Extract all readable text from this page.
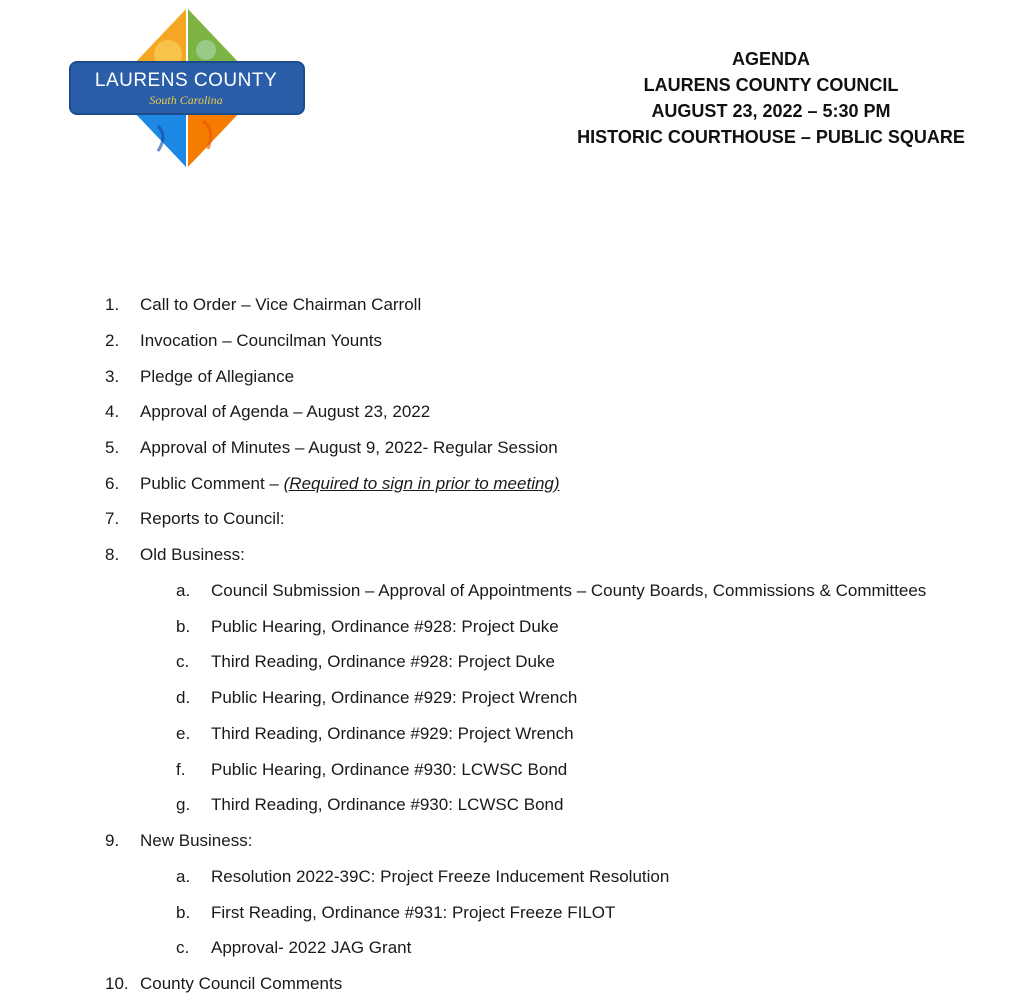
LAURENS COUNTY
South Carolina
AGENDA
LAURENS COUNTY COUNCIL
AUGUST 23, 2022 – 5:30 PM
HISTORIC COURTHOUSE – PUBLIC SQUARE
1.	Call to Order – Vice Chairman Carroll
2.	Invocation – Councilman Younts
3.	Pledge of Allegiance
4.	Approval of Agenda – August 23, 2022
5.	Approval of Minutes – August 9, 2022- Regular Session
6.	Public Comment – (Required to sign in prior to meeting)
7.	Reports to Council:
8.	Old Business:
a.	Council Submission – Approval of Appointments – County Boards, Commissions & Committees
b.	Public Hearing, Ordinance #928: Project Duke
c.	Third Reading, Ordinance #928: Project Duke
d.	Public Hearing, Ordinance #929: Project Wrench
e.	Third Reading, Ordinance #929: Project Wrench
f.	Public Hearing, Ordinance #930: LCWSC Bond
g.	Third Reading, Ordinance #930: LCWSC Bond
9.	New Business:
a.	Resolution 2022-39C: Project Freeze Inducement Resolution
b.	First Reading, Ordinance #931: Project Freeze FILOT
c.	Approval- 2022 JAG Grant
10. County Council Comments
